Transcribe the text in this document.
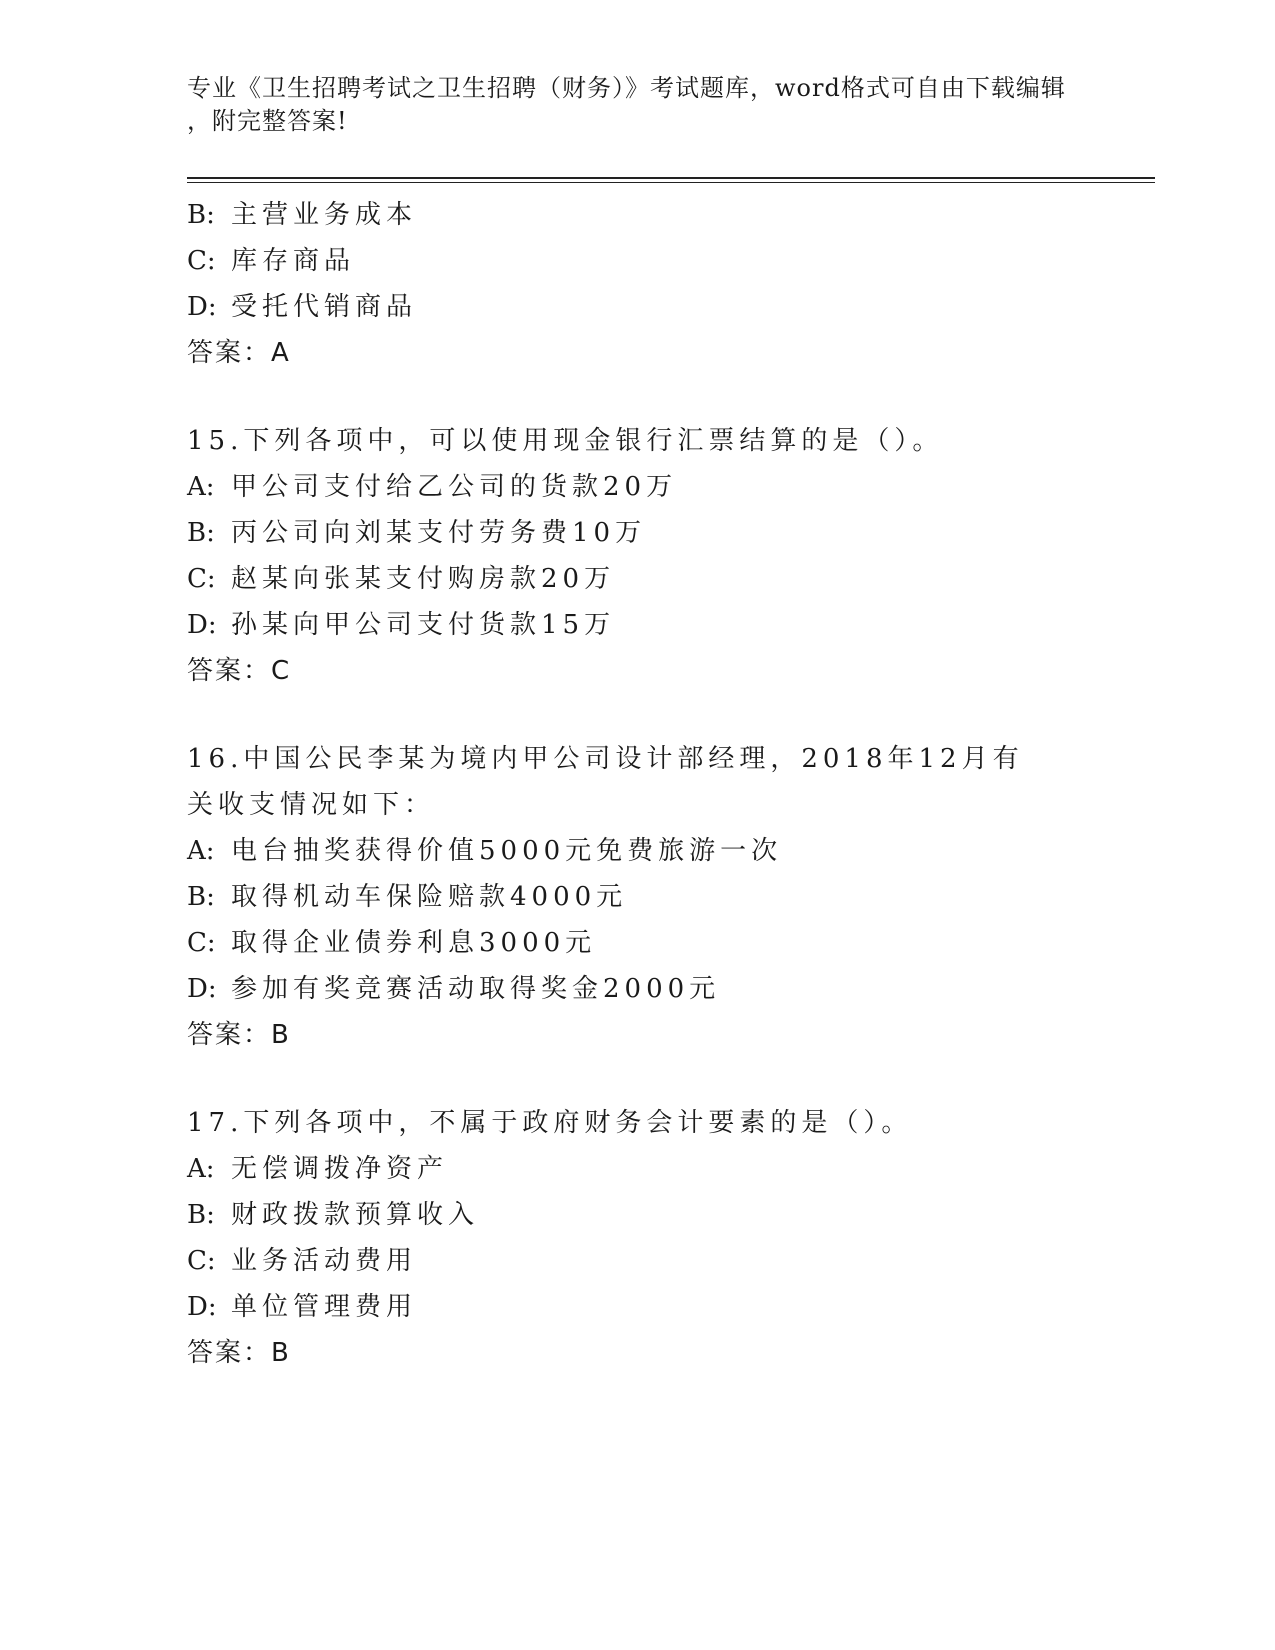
专业《卫生招聘考试之卫生招聘（财务）》考试题库，word格式可自由下载编辑
，附完整答案!
B: 主营业务成本
C: 库存商品
D: 受托代销商品
答案：A
15.下列各项中，可以使用现金银行汇票结算的是（）。
A: 甲公司支付给乙公司的货款20万
B: 丙公司向刘某支付劳务费10万
C: 赵某向张某支付购房款20万
D: 孙某向甲公司支付货款15万
答案：C
16.中国公民李某为境内甲公司设计部经理，2018年12月有关收支情况如下：
A: 电台抽奖获得价值5000元免费旅游一次
B: 取得机动车保险赔款4000元
C: 取得企业债券利息3000元
D: 参加有奖竞赛活动取得奖金2000元
答案：B
17.下列各项中，不属于政府财务会计要素的是（）。
A: 无偿调拨净资产
B: 财政拨款预算收入
C: 业务活动费用
D: 单位管理费用
答案：B
